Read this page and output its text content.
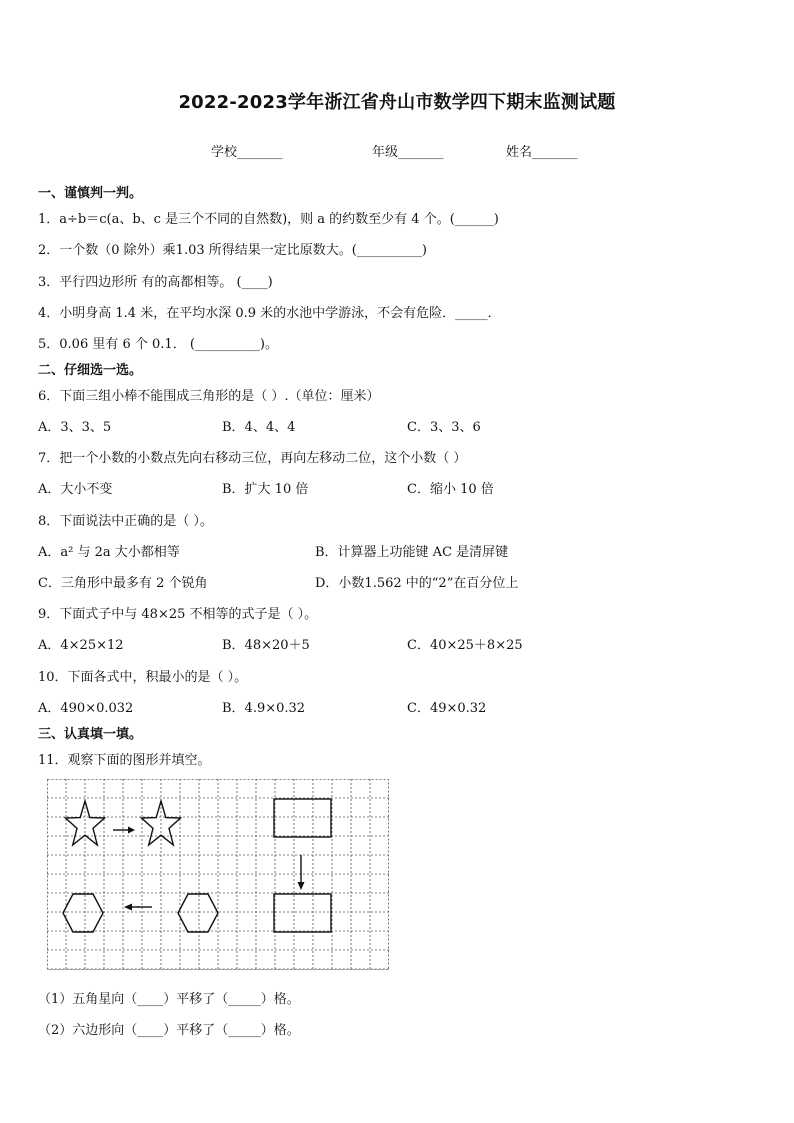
2022-2023学年浙江省舟山市数学四下期末监测试题
学校_______	年级_______	姓名_______
一、谨慎判一判。
1．a÷b＝c(a、b、c 是三个不同的自然数)，则 a 的约数至少有 4 个。(______)
2．一个数（0 除外）乘1.03 所得结果一定比原数大。(__________)
3．平行四边形所 有的高都相等。 (____)
4．小明身高 1.4 米，在平均水深 0.9 米的水池中学游泳，不会有危险．_____．
5．0.06 里有 6 个 0.1． (__________)。
二、仔细选一选。
6．下面三组小棒不能围成三角形的是（ ）.（单位：厘米）
A．3、3、5	B．4、4、4	C．3、3、6
7．把一个小数的小数点先向右移动三位，再向左移动二位，这个小数（ ）
A．大小不变	B．扩大 10 倍	C．缩小 10 倍
8．下面说法中正确的是（ ）。
A．a² 与 2a 大小都相等	B．计算器上功能键 AC 是清屏键
C．三角形中最多有 2 个锐角	D．小数1.562 中的“2”在百分位上
9．下面式子中与 48×25 不相等的式子是（ ）。
A．4×25×12	B．48×20＋5	C．40×25＋8×25
10．下面各式中，积最小的是（ ）。
A．490×0.032	B．4.9×0.32	C．49×0.32
三、认真填一填。
11．观察下面的图形并填空。
（1）五角星向（____）平移了（_____）格。
（2）六边形向（____）平移了（_____）格。
